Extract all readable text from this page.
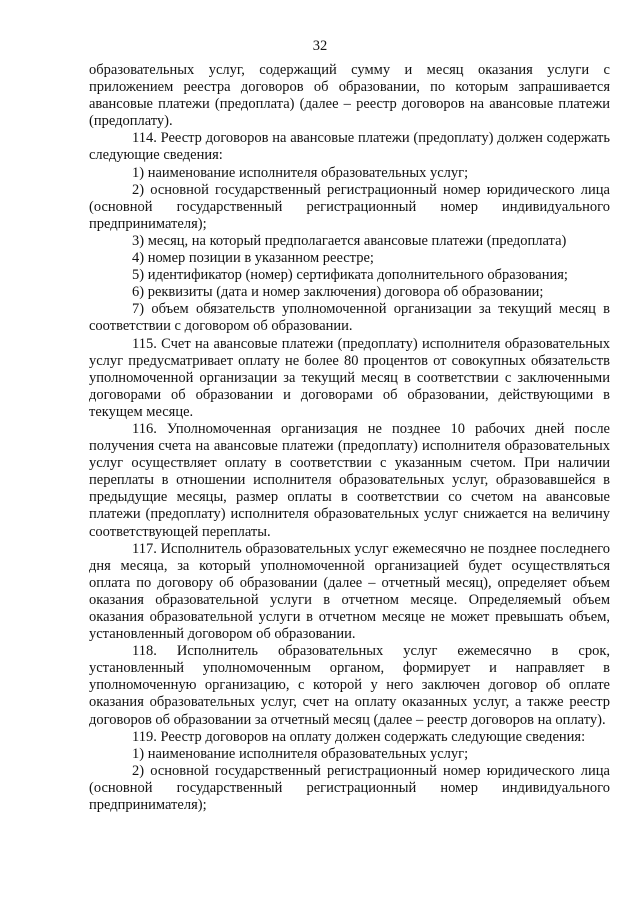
32

образовательных услуг, содержащий сумму и месяц оказания услуги с приложением реестра договоров об образовании, по которым запрашивается авансовые платежи (предоплата) (далее – реестр договоров на авансовые платежи (предоплату).

114. Реестр договоров на авансовые платежи (предоплату) должен содержать следующие сведения:

1) наименование исполнителя образовательных услуг;

2) основной государственный регистрационный номер юридического лица (основной государственный регистрационный номер индивидуального предпринимателя);

3) месяц, на который предполагается авансовые платежи (предоплата)

4) номер позиции в указанном реестре;

5) идентификатор (номер) сертификата дополнительного образования;

6) реквизиты (дата и номер заключения) договора об образовании;

7) объем обязательств уполномоченной организации за текущий месяц в соответствии с договором об образовании.

115. Счет на авансовые платежи (предоплату) исполнителя образовательных услуг предусматривает оплату не более 80 процентов от совокупных обязательств уполномоченной организации за текущий месяц в соответствии с заключенными договорами об образовании и договорами об образовании, действующими в текущем месяце.

116. Уполномоченная организация не позднее 10 рабочих дней после получения счета на авансовые платежи (предоплату) исполнителя образовательных услуг осуществляет оплату в соответствии с указанным счетом. При наличии переплаты в отношении исполнителя образовательных услуг, образовавшейся в предыдущие месяцы, размер оплаты в соответствии со счетом на авансовые платежи (предоплату) исполнителя образовательных услуг снижается на величину соответствующей переплаты.

117. Исполнитель образовательных услуг ежемесячно не позднее последнего дня месяца, за который уполномоченной организацией будет осуществляться оплата по договору об образовании (далее – отчетный месяц), определяет объем оказания образовательной услуги в отчетном месяце. Определяемый объем оказания образовательной услуги в отчетном месяце не может превышать объем, установленный договором об образовании.

118. Исполнитель образовательных услуг ежемесячно в срок, установленный уполномоченным органом, формирует и направляет в уполномоченную организацию, с которой у него заключен договор об оплате оказания образовательных услуг, счет на оплату оказанных услуг, а также реестр договоров об образовании за отчетный месяц (далее – реестр договоров на оплату).

119. Реестр договоров на оплату должен содержать следующие сведения:

1) наименование исполнителя образовательных услуг;

2) основной государственный регистрационный номер юридического лица (основной государственный регистрационный номер индивидуального предпринимателя);
